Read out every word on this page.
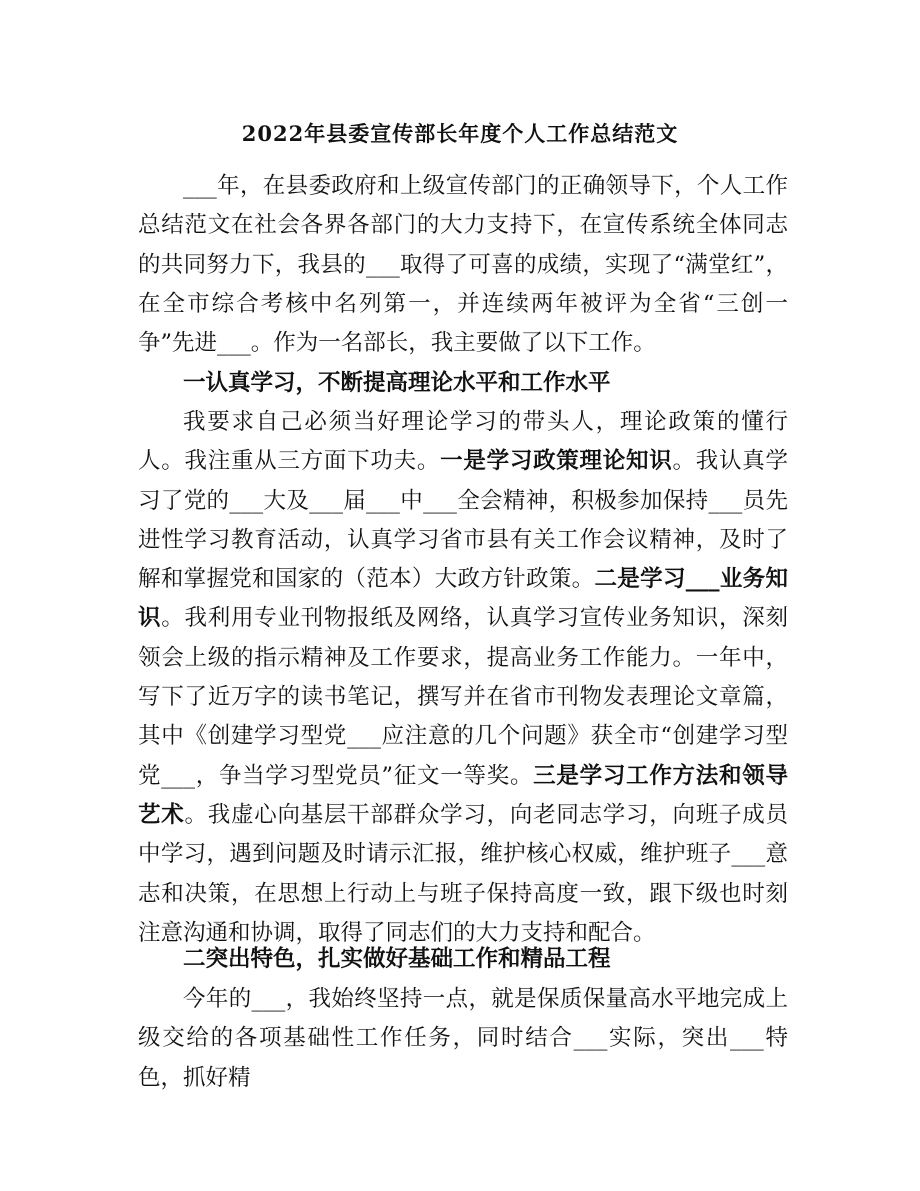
2022年县委宣传部长年度个人工作总结范文

___年，在县委政府和上级宣传部门的正确领导下，个人工作总结范文在社会各界各部门的大力支持下，在宣传系统全体同志的共同努力下，我县的___取得了可喜的成绩，实现了“满堂红”，在全市综合考核中名列第一，并连续两年被评为全省“三创一争”先进___。作为一名部长，我主要做了以下工作。

一认真学习，不断提高理论水平和工作水平

我要求自己必须当好理论学习的带头人，理论政策的懂行人。我注重从三方面下功夫。一是学习政策理论知识。我认真学习了党的___大及___届___中___全会精神，积极参加保持___员先进性学习教育活动，认真学习省市县有关工作会议精神，及时了解和掌握党和国家的（范本）大政方针政策。二是学习___业务知识。我利用专业刊物报纸及网络，认真学习宣传业务知识，深刻领会上级的指示精神及工作要求，提高业务工作能力。一年中，写下了近万字的读书笔记，撰写并在省市刊物发表理论文章篇，其中《创建学习型党___应注意的几个问题》获全市“创建学习型党___，争当学习型党员”征文一等奖。三是学习工作方法和领导艺术。我虚心向基层干部群众学习，向老同志学习，向班子成员中学习，遇到问题及时请示汇报，维护核心权威，维护班子___意志和决策，在思想上行动上与班子保持高度一致，跟下级也时刻注意沟通和协调，取得了同志们的大力支持和配合。

二突出特色，扎实做好基础工作和精品工程

今年的___，我始终坚持一点，就是保质保量高水平地完成上级交给的各项基础性工作任务，同时结合___实际，突出___特色，抓好精
